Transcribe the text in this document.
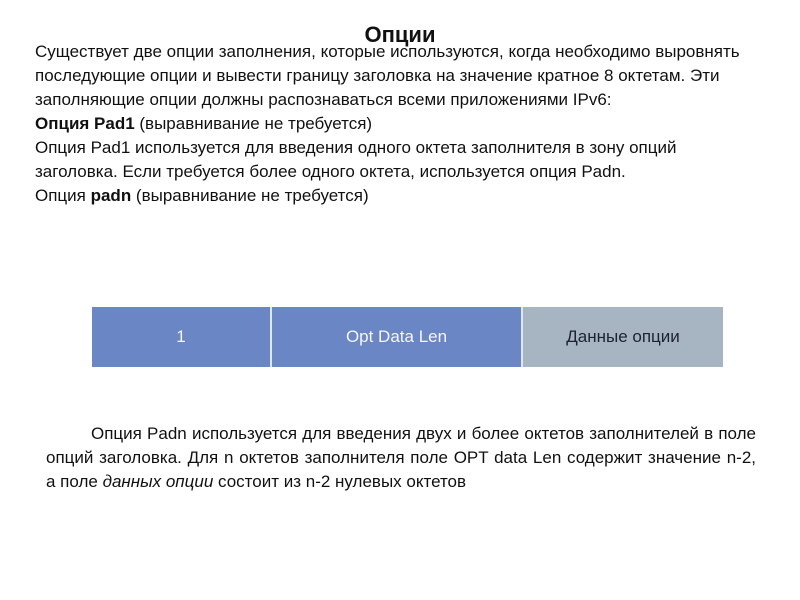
Опции

Существует две опции заполнения, которые используются, когда необходимо выровнять последующие опции и вывести границу заголовка на значение кратное 8 октетам. Эти заполняющие опции должны распознаваться всеми приложениями IPv6:

Опция Pad1 (выравнивание не требуется)

Опция Pad1 используется для введения одного октета заполнителя в зону опций заголовка. Если требуется более одного октета, используется опция Padn.

Опция padn (выравнивание не требуется)

1	Opt Data Len	Данные опции

Опция Padn используется для введения двух и более октетов заполнителей в поле опций заголовка. Для n октетов заполнителя поле OPT data Len содержит значение n-2, а поле данных опции состоит из n-2 нулевых октетов
